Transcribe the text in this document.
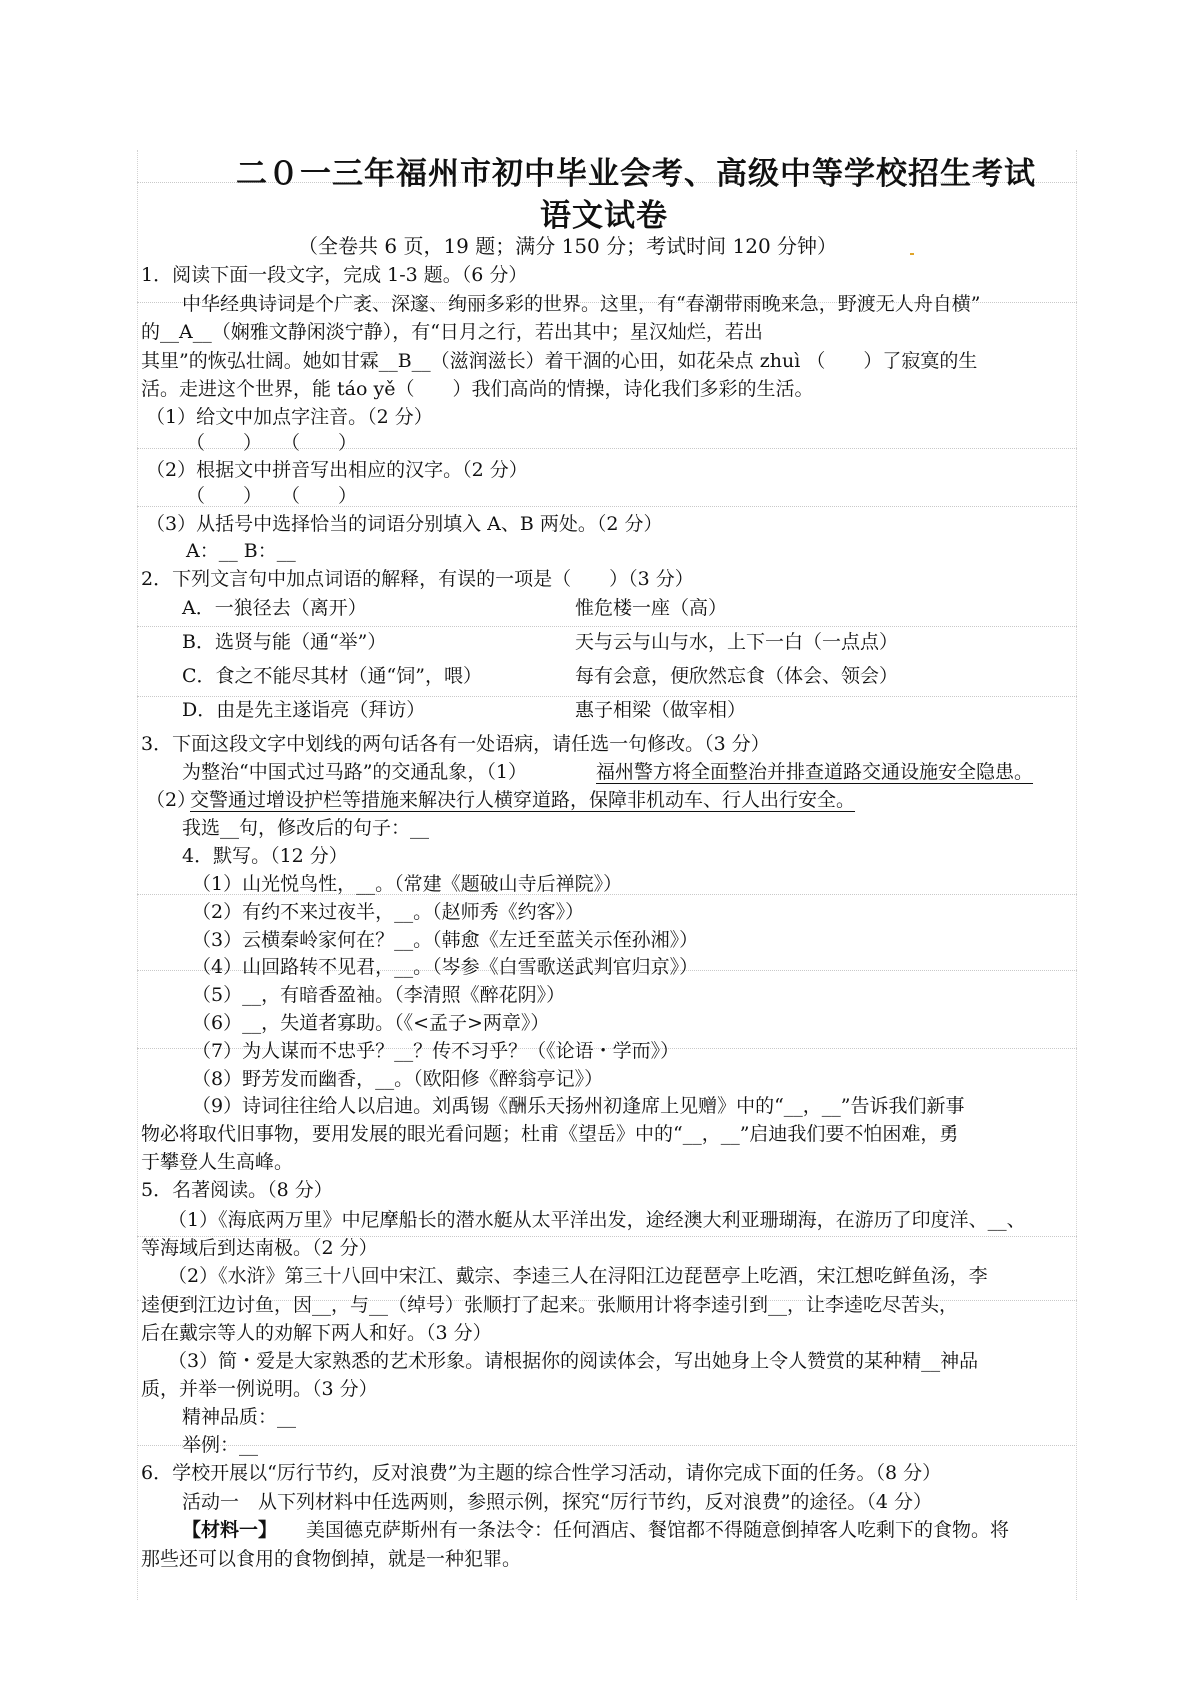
二０一三年福州市初中毕业会考、高级中等学校招生考试
语文试卷
（全卷共 6 页，19 题；满分 150 分；考试时间 120 分钟）
1．阅读下面一段文字，完成 1-3 题。（6 分）
中华经典诗词是个广袤、深邃、绚丽多彩的世界。这里，有“春潮带雨晚来急，野渡无人舟自横”
的__A__（娴雅文静闲淡宁静），有“日月之行，若出其中；星汉灿烂，若出
其里”的恢弘壮阔。她如甘霖__B__（滋润滋长）着干涸的心田，如花朵点 zhuì （　　）了寂寞的生
活。走进这个世界，能 táo yě（　　）我们高尚的情操，诗化我们多彩的生活。
（1）给文中加点字注音。（2 分）
（　　）　　（　　）
（2）根据文中拼音写出相应的汉字。（2 分）
（　　）　　（　　）
（3）从括号中选择恰当的词语分别填入 A、B 两处。（2 分）
A：__ B：__
2．下列文言句中加点词语的解释，有误的一项是（　　）（3 分）
A．一狼径去（离开）	惟危楼一座（高）
B．选贤与能（通“举”）	天与云与山与水，上下一白（一点点）
C．食之不能尽其材（通“饲”，喂）	每有会意，便欣然忘食（体会、领会）
D．由是先主遂诣亮（拜访）	惠子相梁（做宰相）
3．下面这段文字中划线的两句话各有一处语病，请任选一句修改。（3 分）
为整治“中国式过马路”的交通乱象，（1）	福州警方将全面整治并排查道路交通设施安全隐患。
（2）
交警通过增设护栏等措施来解决行人横穿道路，保障非机动车、行人出行安全。
我选__句，修改后的句子：__
4．默写。（12 分）
（1）山光悦鸟性，__。（常建《题破山寺后禅院》）
（2）有约不来过夜半，__。（赵师秀《约客》）
（3）云横秦岭家何在？__。（韩愈《左迁至蓝关示侄孙湘》）
（4）山回路转不见君，__。（岑参《白雪歌送武判官归京》）
（5）__，有暗香盈袖。（李清照《醉花阴》）
（6）__，失道者寡助。（《<孟子>两章》）
（7）为人谋而不忠乎？__？传不习乎？（《论语・学而》）
（8）野芳发而幽香，__。（欧阳修《醉翁亭记》）
（9）诗词往往给人以启迪。刘禹锡《酬乐天扬州初逢席上见赠》中的“__，__”告诉我们新事
物必将取代旧事物，要用发展的眼光看问题；杜甫《望岳》中的“__，__”启迪我们要不怕困难，勇
于攀登人生高峰。
5．名著阅读。（8 分）
（1）《海底两万里》中尼摩船长的潜水艇从太平洋出发，途经澳大利亚珊瑚海，在游历了印度洋、__、
等海域后到达南极。（2 分）
（2）《水浒》第三十八回中宋江、戴宗、李逵三人在浔阳江边琵琶亭上吃酒，宋江想吃鲜鱼汤，李
逵便到江边讨鱼，因__，与__（绰号）张顺打了起来。张顺用计将李逵引到__，让李逵吃尽苦头，
后在戴宗等人的劝解下两人和好。（3 分）
（3）简・爱是大家熟悉的艺术形象。请根据你的阅读体会，写出她身上令人赞赏的某种精__神品
质，并举一例说明。（3 分）
精神品质：__
举例：__
6．学校开展以“厉行节约，反对浪费”为主题的综合性学习活动，请你完成下面的任务。（8 分）
活动一　从下列材料中任选两则，参照示例，探究“厉行节约，反对浪费”的途径。（4 分）
【材料一】 美国德克萨斯州有一条法令：任何酒店、餐馆都不得随意倒掉客人吃剩下的食物。将
那些还可以食用的食物倒掉，就是一种犯罪。
